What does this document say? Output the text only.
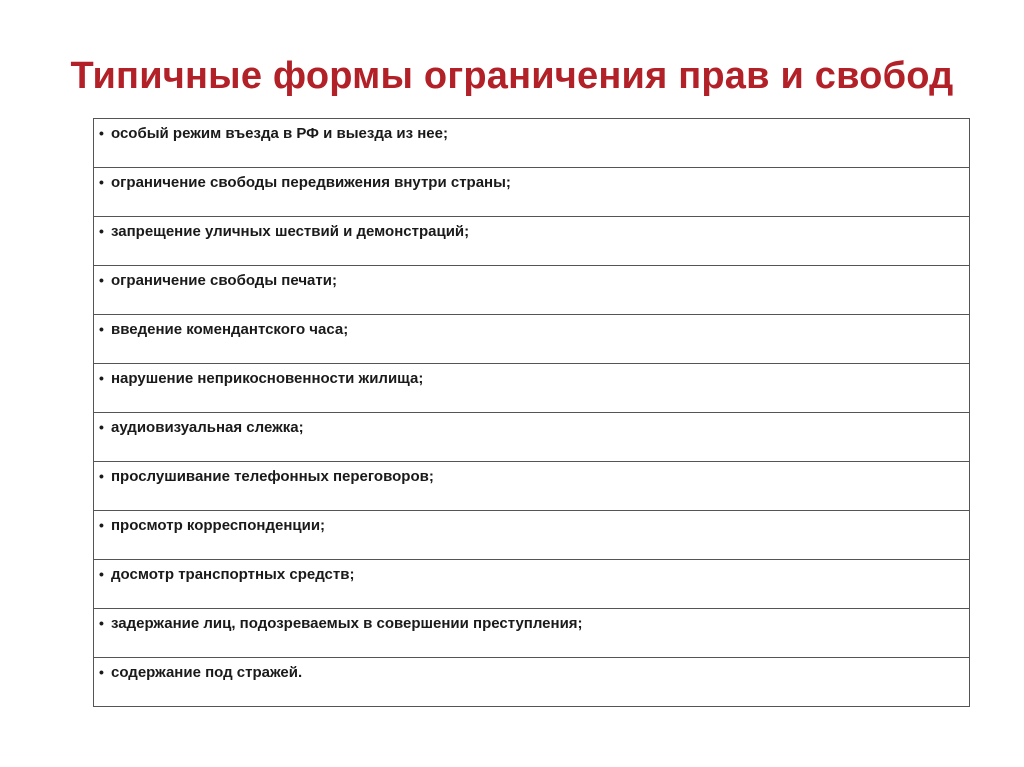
Типичные формы ограничения прав и свобод
• особый режим въезда в РФ и выезда из нее;

• ограничение свободы передвижения внутри страны;

• запрещение уличных шествий и демонстраций;

• ограничение свободы печати;

• введение комендантского часа;

• нарушение неприкосновенности жилища;

• аудиовизуальная слежка;

• прослушивание телефонных переговоров;

• просмотр корреспонденции;

• досмотр транспортных средств;

• задержание лиц, подозреваемых в совершении преступления;

• содержание под стражей.
